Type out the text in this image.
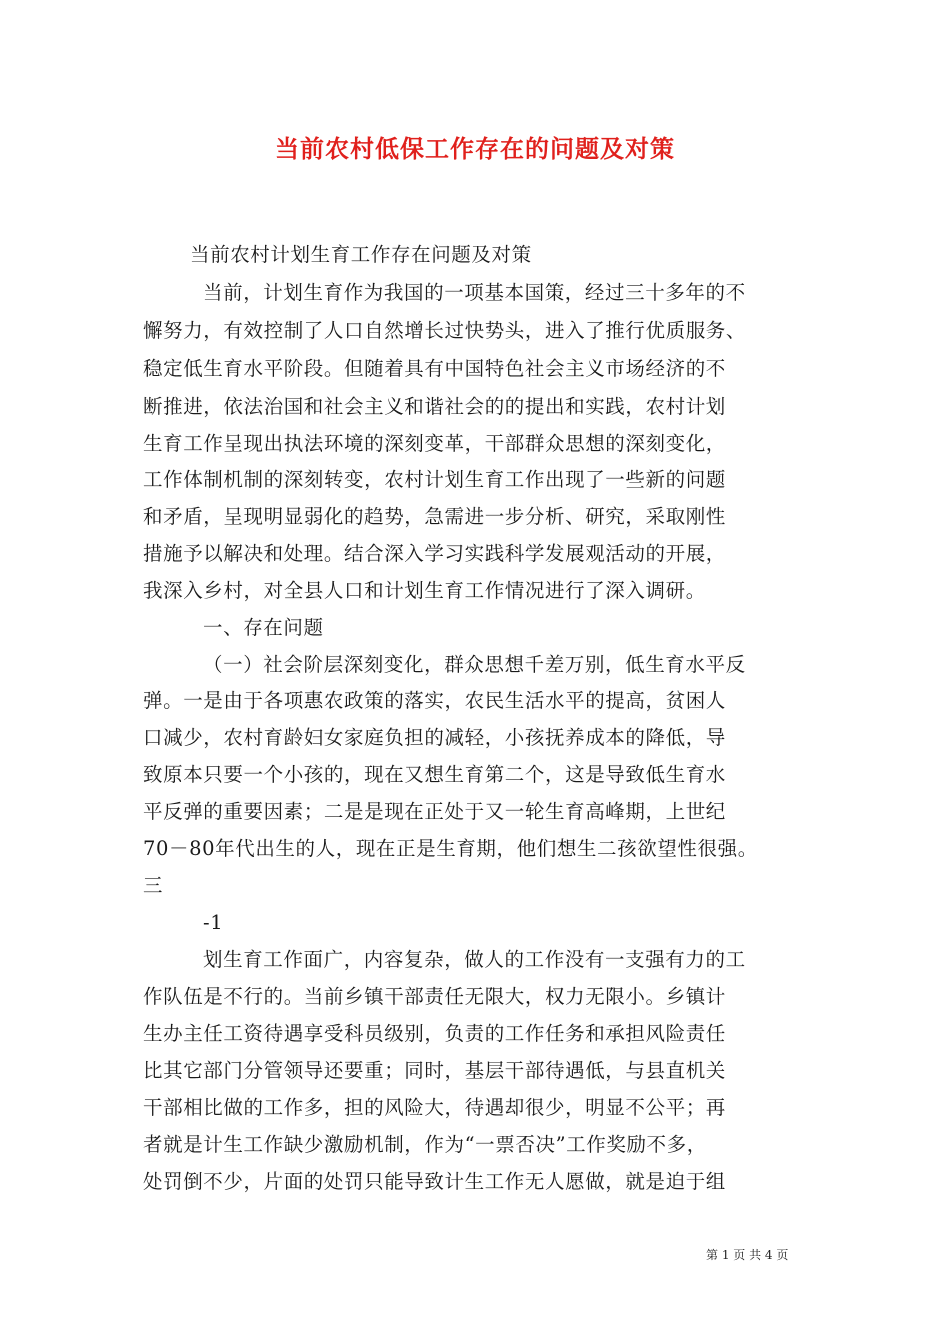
当前农村低保工作存在的问题及对策

当前农村计划生育工作存在问题及对策

当前，计划生育作为我国的一项基本国策，经过三十多年的不

懈努力，有效控制了人口自然增长过快势头，进入了推行优质服务、

稳定低生育水平阶段。但随着具有中国特色社会主义市场经济的不

断推进，依法治国和社会主义和谐社会的的提出和实践，农村计划

生育工作呈现出执法环境的深刻变革，干部群众思想的深刻变化，

工作体制机制的深刻转变，农村计划生育工作出现了一些新的问题

和矛盾，呈现明显弱化的趋势，急需进一步分析、研究，采取刚性

措施予以解决和处理。结合深入学习实践科学发展观活动的开展，

我深入乡村，对全县人口和计划生育工作情况进行了深入调研。

一、存在问题

（一）社会阶层深刻变化，群众思想千差万别，低生育水平反

弹。一是由于各项惠农政策的落实，农民生活水平的提高，贫困人

口减少，农村育龄妇女家庭负担的减轻，小孩抚养成本的降低，导

致原本只要一个小孩的，现在又想生育第二个，这是导致低生育水

平反弹的重要因素；二是是现在正处于又一轮生育高峰期，上世纪

70－80年代出生的人，现在正是生育期，他们想生二孩欲望性很强。

三

-1

划生育工作面广，内容复杂，做人的工作没有一支强有力的工

作队伍是不行的。当前乡镇干部责任无限大，权力无限小。乡镇计

生办主任工资待遇享受科员级别，负责的工作任务和承担风险责任

比其它部门分管领导还要重；同时，基层干部待遇低，与县直机关

干部相比做的工作多，担的风险大，待遇却很少，明显不公平；再

者就是计生工作缺少激励机制，作为“一票否决”工作奖励不多，

处罚倒不少，片面的处罚只能导致计生工作无人愿做，就是迫于组

第 1 页 共 4 页
